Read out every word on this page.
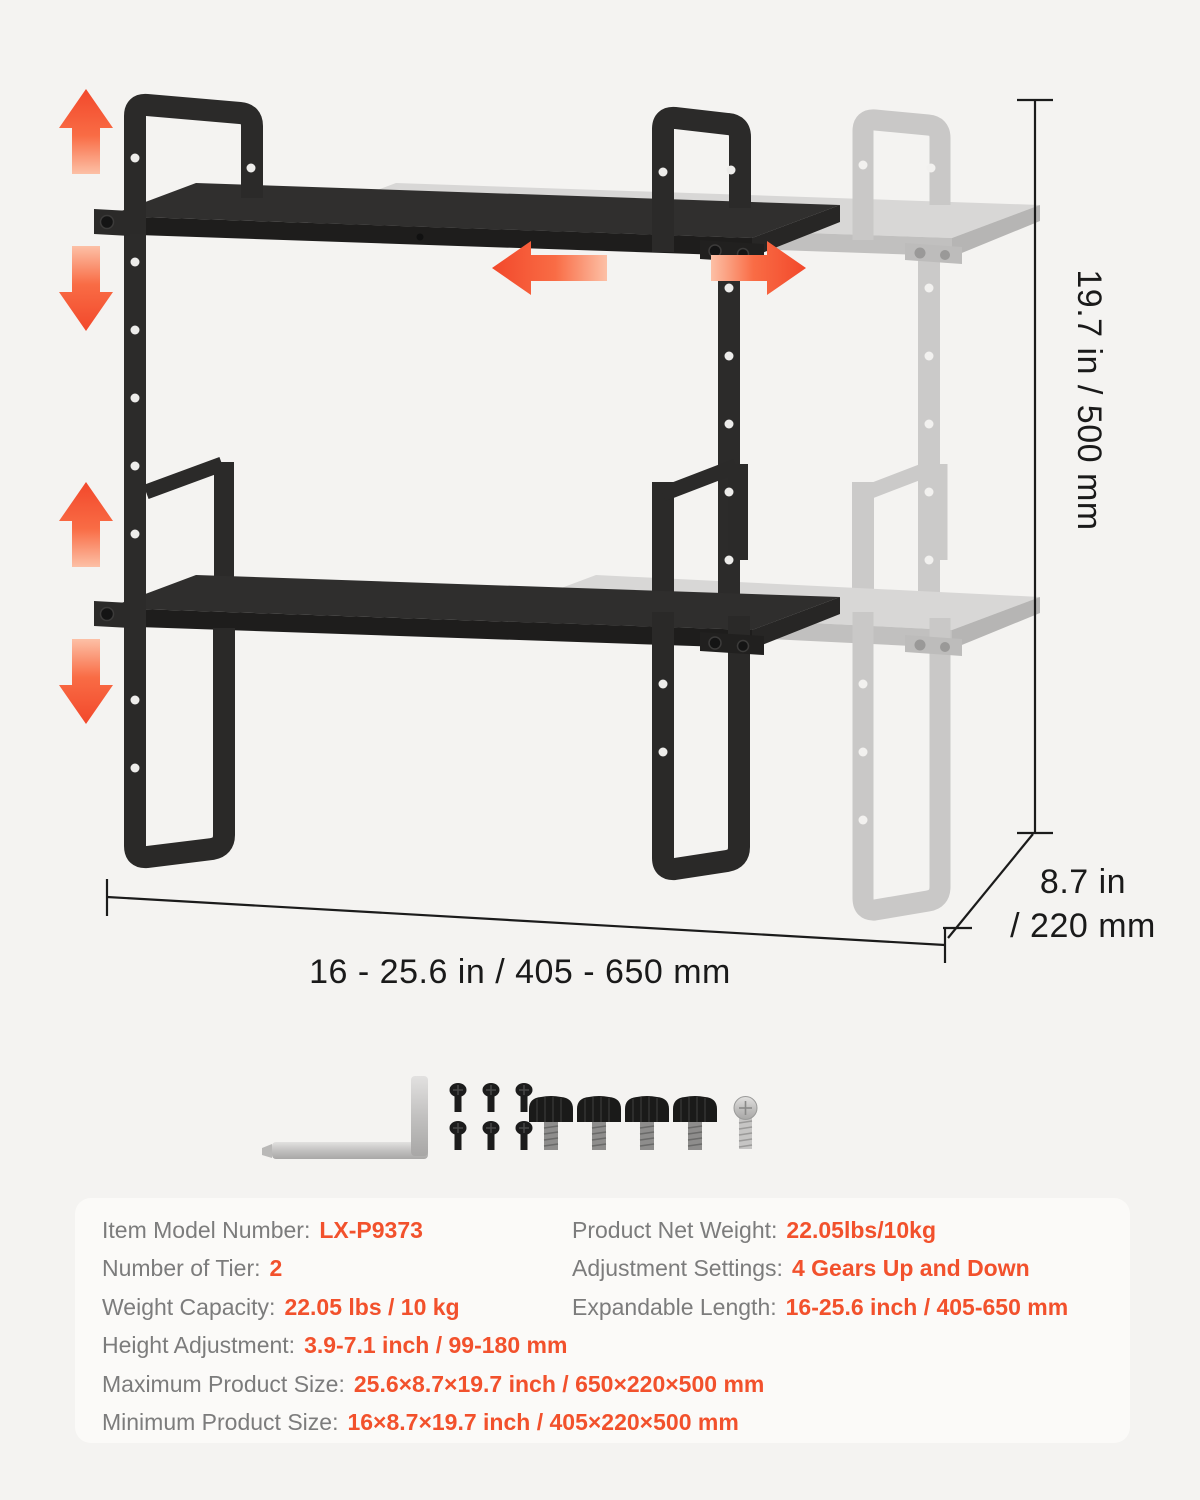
19.7 in / 500 mm
16 - 25.6 in / 405 - 650 mm
8.7 in
/ 220 mm
Item Model Number: LX-P9373	Product Net Weight: 22.05lbs/10kg
Number of Tier: 2	Adjustment Settings: 4 Gears Up and Down
Weight Capacity: 22.05 lbs / 10 kg	Expandable Length: 16-25.6 inch / 405-650 mm
Height Adjustment: 3.9-7.1 inch / 99-180 mm
Maximum Product Size: 25.6×8.7×19.7 inch / 650×220×500 mm
Minimum Product Size: 16×8.7×19.7 inch / 405×220×500 mm
